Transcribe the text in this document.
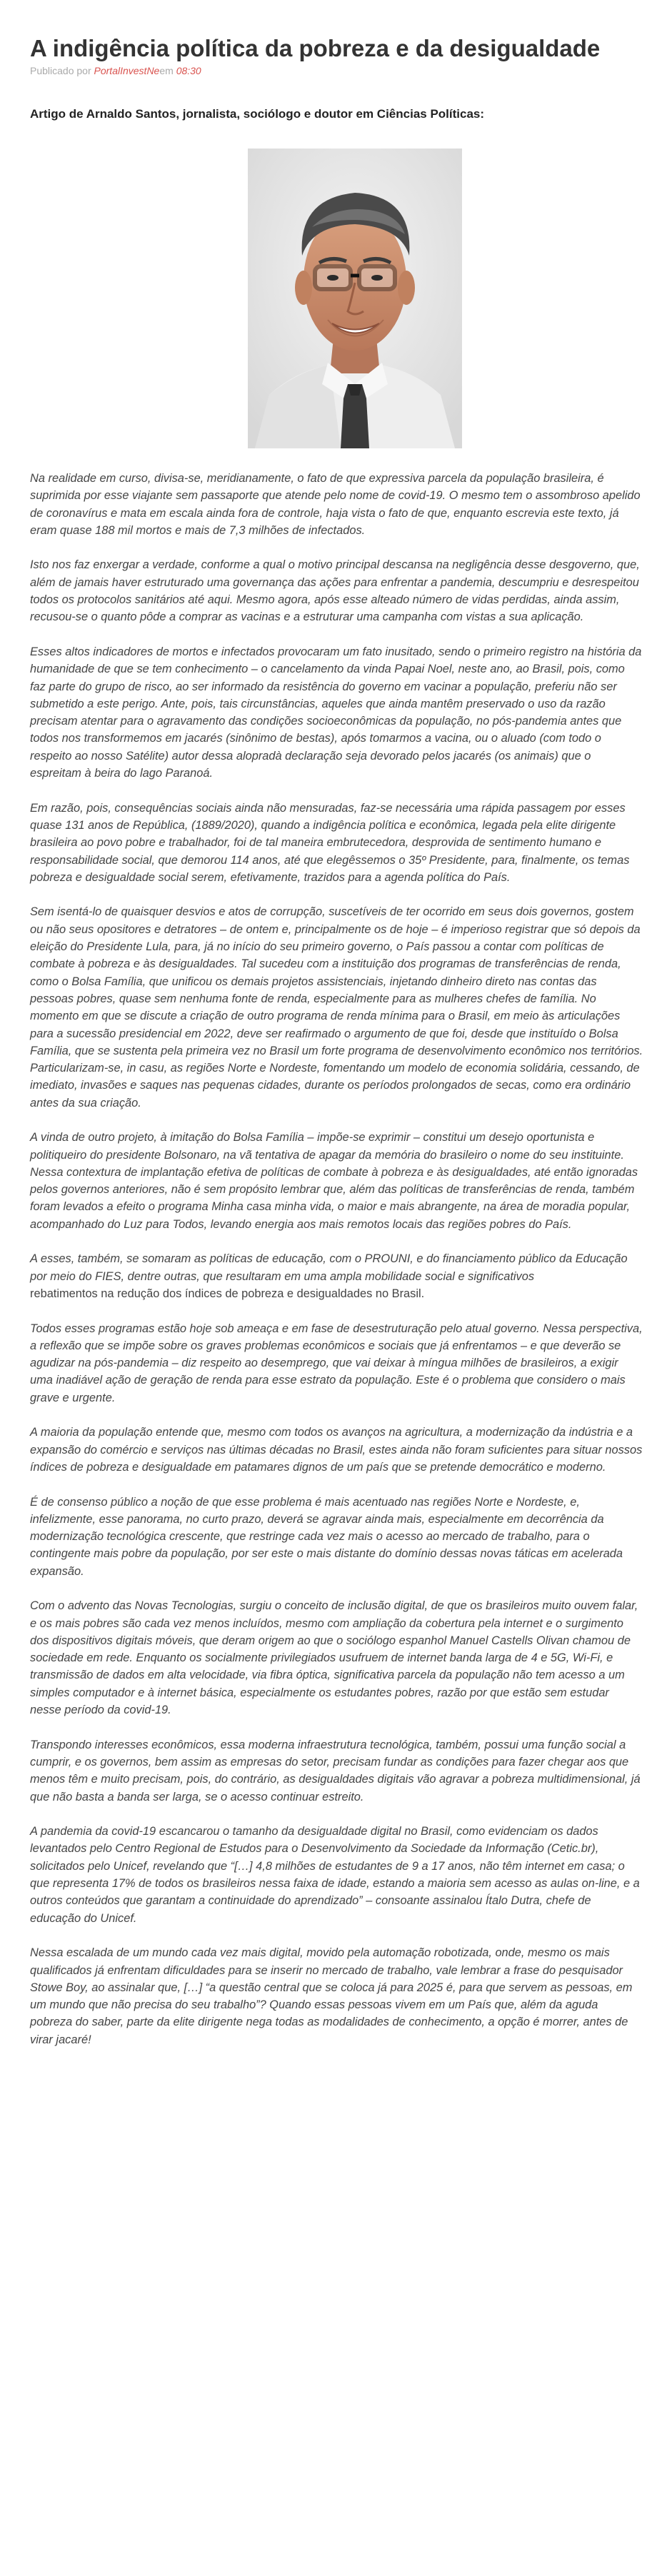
A indigência política da pobreza e da desigualdade

Publicado por PortalInvestNeem 08:30

Artigo de Arnaldo Santos, jornalista, sociólogo e doutor em Ciências Políticas:

Na realidade em curso, divisa-se, meridianamente, o fato de que expressiva parcela da população brasileira, é suprimida por esse viajante sem passaporte que atende pelo nome de covid-19. O mesmo tem o assombroso apelido de coronavírus e mata em escala ainda fora de controle, haja vista o fato de que, enquanto escrevia este texto, já eram quase 188 mil mortos e mais de 7,3 milhões de infectados.

Isto nos faz enxergar a verdade, conforme a qual o motivo principal descansa na negligência desse desgoverno, que, além de jamais haver estruturado uma governança das ações para enfrentar a pandemia, descumpriu e desrespeitou todos os protocolos sanitários até aqui. Mesmo agora, após esse alteado número de vidas perdidas, ainda assim, recusou-se o quanto pôde a comprar as vacinas e a estruturar uma campanha com vistas a sua aplicação.

Esses altos indicadores de mortos e infectados provocaram um fato inusitado, sendo o primeiro registro na história da humanidade de que se tem conhecimento – o cancelamento da vinda Papai Noel, neste ano, ao Brasil, pois, como faz parte do grupo de risco, ao ser informado da resistência do governo em vacinar a população, preferiu não ser submetido a este perigo. Ante, pois, tais circunstâncias, aqueles que ainda mantêm preservado o uso da razão precisam atentar para o agravamento das condições socioeconômicas da população, no pós-pandemia antes que todos nos transformemos em jacarés (sinônimo de bestas), após tomarmos a vacina, ou o aluado (com todo o respeito ao nosso Satélite) autor dessa alopradà declaração seja devorado pelos jacarés (os animais) que o espreitam à beira do lago Paranoá.

Em razão, pois, consequências sociais ainda não mensuradas, faz-se necessária uma rápida passagem por esses quase 131 anos de República, (1889/2020), quando a indigência política e econômica, legada pela elite dirigente brasileira ao povo pobre e trabalhador, foi de tal maneira embrutecedora, desprovida de sentimento humano e responsabilidade social, que demorou 114 anos, até que elegêssemos o 35º Presidente, para, finalmente, os temas pobreza e desigualdade social serem, efetivamente, trazidos para a agenda política do País.

Sem isentá-lo de quaisquer desvios e atos de corrupção, suscetíveis de ter ocorrido em seus dois governos, gostem ou não seus opositores e detratores – de ontem e, principalmente os de hoje – é imperioso registrar que só depois da eleição do Presidente Lula, para, já no início do seu primeiro governo, o País passou a contar com políticas de combate à pobreza e às desigualdades. Tal sucedeu com a instituição dos programas de transferências de renda, como o Bolsa Família, que unificou os demais projetos assistenciais, injetando dinheiro direto nas contas das pessoas pobres, quase sem nenhuma fonte de renda, especialmente para as mulheres chefes de família. No momento em que se discute a criação de outro programa de renda mínima para o Brasil, em meio às articulações para a sucessão presidencial em 2022, deve ser reafirmado o argumento de que foi, desde que instituído o Bolsa Família, que se sustenta pela primeira vez no Brasil um forte programa de desenvolvimento econômico nos territórios. Particularizam-se, in casu, as regiões Norte e Nordeste, fomentando um modelo de economia solidária, cessando, de imediato, invasões e saques nas pequenas cidades, durante os períodos prolongados de secas, como era ordinário antes da sua criação.

A vinda de outro projeto, à imitação do Bolsa Família – impõe-se exprimir – constitui um desejo oportunista e politiqueiro do presidente Bolsonaro, na vã tentativa de apagar da memória do brasileiro o nome do seu instituinte. Nessa contextura de implantação efetiva de políticas de combate à pobreza e às desigualdades, até então ignoradas pelos governos anteriores, não é sem propósito lembrar que, além das políticas de transferências de renda, também foram levados a efeito o programa Minha casa minha vida, o maior e mais abrangente, na área de moradia popular, acompanhado do Luz para Todos, levando energia aos mais remotos locais das regiões pobres do País.

A esses, também, se somaram as políticas de educação, com o PROUNI, e do financiamento público da Educação por meio do FIES, dentre outras, que resultaram em uma ampla mobilidade social e significativos
rebatimentos na redução dos índices de pobreza e desigualdades no Brasil.

Todos esses programas estão hoje sob ameaça e em fase de desestruturação pelo atual governo. Nessa perspectiva, a reflexão que se impõe sobre os graves problemas econômicos e sociais que já enfrentamos – e que deverão se agudizar na pós-pandemia – diz respeito ao desemprego, que vai deixar à míngua milhões de brasileiros, a exigir uma inadiável ação de geração de renda para esse estrato da população. Este é o problema que considero o mais grave e urgente.

A maioria da população entende que, mesmo com todos os avanços na agricultura, a modernização da indústria e a expansão do comércio e serviços nas últimas décadas no Brasil, estes ainda não foram suficientes para situar nossos índices de pobreza e desigualdade em patamares dignos de um país que se pretende democrático e moderno.

É de consenso público a noção de que esse problema é mais acentuado nas regiões Norte e Nordeste, e, infelizmente, esse panorama, no curto prazo, deverá se agravar ainda mais, especialmente em decorrência da modernização tecnológica crescente, que restringe cada vez mais o acesso ao mercado de trabalho, para o contingente mais pobre da população, por ser este o mais distante do domínio dessas novas táticas em acelerada expansão.

Com o advento das Novas Tecnologias, surgiu o conceito de inclusão digital, de que os brasileiros muito ouvem falar, e os mais pobres são cada vez menos incluídos, mesmo com ampliação da cobertura pela internet e o surgimento dos dispositivos digitais móveis, que deram origem ao que o sociólogo espanhol Manuel Castells Olivan chamou de sociedade em rede. Enquanto os socialmente privilegiados usufruem de internet banda larga de 4 e 5G, Wi-Fi, e transmissão de dados em alta velocidade, via fibra óptica, significativa parcela da população não tem acesso a um simples computador e à internet básica, especialmente os estudantes pobres, razão por que estão sem estudar nesse período da covid-19.

Transpondo interesses econômicos, essa moderna infraestrutura tecnológica, também, possui uma função social a cumprir, e os governos, bem assim as empresas do setor, precisam fundar as condições para fazer chegar aos que menos têm e muito precisam, pois, do contrário, as desigualdades digitais vão agravar a pobreza multidimensional, já que não basta a banda ser larga, se o acesso continuar estreito.

A pandemia da covid-19 escancarou o tamanho da desigualdade digital no Brasil, como evidenciam os dados levantados pelo Centro Regional de Estudos para o Desenvolvimento da Sociedade da Informação (Cetic.br), solicitados pelo Unicef, revelando que “[…] 4,8 milhões de estudantes de 9 a 17 anos, não têm internet em casa; o que representa 17% de todos os brasileiros nessa faixa de idade, estando a maioria sem acesso as aulas on-line, e a outros conteúdos que garantam a continuidade do aprendizado” – consoante assinalou Ítalo Dutra, chefe de educação do Unicef.

Nessa escalada de um mundo cada vez mais digital, movido pela automação robotizada, onde, mesmo os mais qualificados já enfrentam dificuldades para se inserir no mercado de trabalho, vale lembrar a frase do pesquisador Stowe Boy, ao assinalar que, […] “a questão central que se coloca já para 2025 é, para que servem as pessoas, em um mundo que não precisa do seu trabalho”? Quando essas pessoas vivem em um País que, além da aguda pobreza do saber, parte da elite dirigente nega todas as modalidades de conhecimento, a opção é morrer, antes de virar jacaré!
